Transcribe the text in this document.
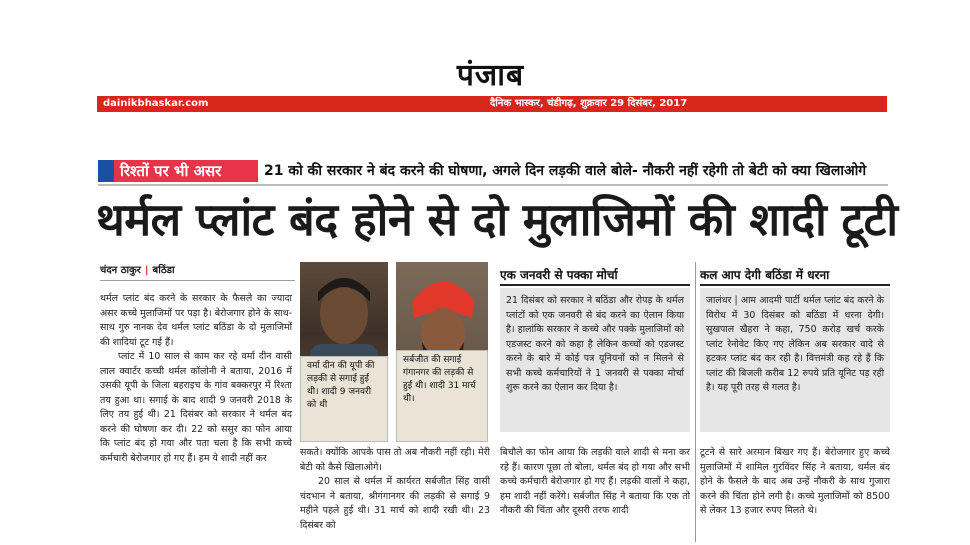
पंजाब
dainikbhaskar.com	दैनिक भास्कर, चंडीगढ़, शुक्रवार 29 दिसंबर, 2017
रिश्तों पर भी असर	21 को की सरकार ने बंद करने की घोषणा, अगले दिन लड़की वाले बोले- नौकरी नहीं रहेगी तो बेटी को क्या खिलाओगे
थर्मल प्लांट बंद होने से दो मुलाजिमों की शादी टूटी
चंदन ठाकुर | बठिंडा

थर्मल प्लांट बंद करने के सरकार के फैसले का ज्यादा असर कच्चे मुलाजिमों पर पड़ा है। बेरोजगार होने के साथ-साथ गुरु नानक देव थर्मल प्लांट बठिंडा के दो मुलाजिमों की शादियां टूट गई हैं।

प्लांट में 10 साल से काम कर रहे वर्मा दीन वासी लाल क्वार्टर कच्ची थर्मल कॉलोनी ने बताया, 2016 में उसकी यूपी के जिला बहराइच के गांव बक्करपुर में रिश्ता तय हुआ था। सगाई के बाद शादी 9 जनवरी 2018 के लिए तय हुई थी। 21 दिसंबर को सरकार ने थर्मल बंद करने की घोषणा कर दी। 22 को ससुर का फोन आया कि प्लांट बंद हो गया और पता चला है कि सभी कच्चे कर्मचारी बेरोजगार हो गए हैं। हम ये शादी नहीं कर

वर्मा दीन की यूपी की लड़की से सगाई हुई थी। शादी 9 जनवरी को थी
सर्बजीत की सगाई गंगानगर की लड़की से हुई थी। शादी 31 मार्च थी।

सकते। क्योंकि आपके पास तो अब नौकरी नहीं रही। मेरी बेटी को कैसे खिलाओगे।

20 साल से थर्मल में कार्यरत सर्बजीत सिंह वासी चंदभान ने बताया, श्रीगंगानगर की लड़की से सगाई 9 महीने पहले हुई थी। 31 मार्च को शादी रखी थी। 23 दिसंबर को

एक जनवरी से पक्का मोर्चा
21 दिसंबर को सरकार ने बठिंडा और रोपड़ के थर्मल प्लांटों को एक जनवरी से बंद करने का ऐलान किया है। हालांकि सरकार ने कच्चे और पक्के मुलाजिमों को एडजस्ट करने को कहा है लेकिन कच्चों को एडजस्ट करने के बारे में कोई पत्र यूनियनों को न मिलने से सभी कच्चे कर्मचारियों ने 1 जनवरी से पक्का मोर्चा शुरू करने का ऐलान कर दिया है।
बिचौले का फोन आया कि लड़की वाले शादी से मना कर रहे हैं। कारण पूछा तो बोला, थर्मल बंद हो गया और सभी कच्चे कर्मचारी बेरोजगार हो गए हैं। लड़की वालों ने कहा, हम शादी नहीं करेंगे। सर्बजीत सिंह ने बताया कि एक तो नौकरी की चिंता और दूसरी तरफ शादी
कल आप देगी बठिंडा में धरना
जालंधर | आम आदमी पार्टी थर्मल प्लांट बंद करने के विरोध में 30 दिसंबर को बठिंडा में धरना देगी। सुखपाल खैहरा ने कहा, 750 करोड़ खर्च करके प्लांट रेनोवेट किए गए लेकिन अब सरकार वादे से हटकर प्लांट बंद कर रही है। वित्तमंत्री कह रहे हैं कि प्लांट की बिजली करीब 12 रुपये प्रति यूनिट पड़ रही है। यह पूरी तरह से गलत है।
टूटने से सारे अरमान बिखर गए हैं। बेरोजगार हुए कच्चे मुलाजिमों में शामिल गुरविंदर सिंह ने बताया, थर्मल बंद होने के फैसले के बाद अब उन्हें नौकरी के साथ गुजारा करने की चिंता होने लगी है। कच्चे मुलाजिमों को 8500 से लेकर 13 हजार रुपए मिलते थे।
